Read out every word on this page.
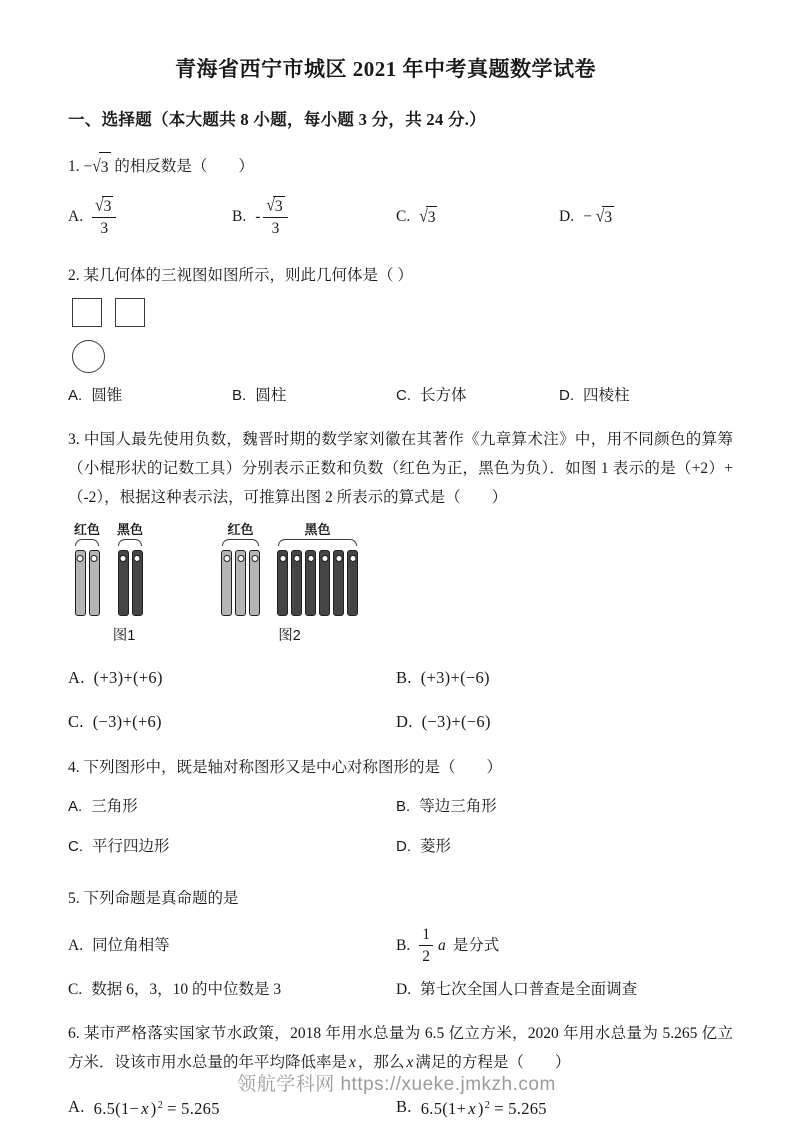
青海省西宁市城区 2021 年中考真题数学试卷
一、选择题（本大题共 8 小题，每小题 3 分，共 24 分.）

1. − √ 3 的相反数是（　　）

A. $\frac{√ 3}{3}$	B. - $\frac{√ 3}{3}$	C. √ 3	D. − √ 3

2. 某几何体的三视图如图所示，则此几何体是（ ）

A. 圆锥	B. 圆柱	C. 长方体	D. 四棱柱

3. 中国人最先使用负数，魏晋时期的数学家刘徽在其著作《九章算术注》中，用不同颜色的算筹（小棍形状的记数工具）分别表示正数和负数（红色为正，黑色为负）．如图 1 表示的是（+2）+（-2），根据这种表示法，可推算出图 2 所表示的算式是（　　）

红色 黑色
图1
红色	黑色
图2
A. (+3)+(+6)	B. (+3)+(−6)
C. (−3)+(+6)	D. (−3)+(−6)

4. 下列图形中，既是轴对称图形又是中心对称图形的是（　　）

A. 三角形	B. 等边三角形
C. 平行四边形	D. 菱形

5. 下列命题是真命题的是

A. 同位角相等	B. $\frac{1}{2}$ a 是分式
C. 数据 6，3，10 的中位数是 3	D. 第七次全国人口普查是全面调查

6. 某市严格落实国家节水政策，2018 年用水总量为 6.5 亿立方米，2020 年用水总量为 5.265 亿立方米．设该市用水总量的年平均降低率是 x ，那么 x 满足的方程是（　　）

A. 6.5(1− x )$^2$ = 5.265	B. 6.5(1+ x )$^2$ = 5.265
领航学科网 https://xueke.jmkzh.com
